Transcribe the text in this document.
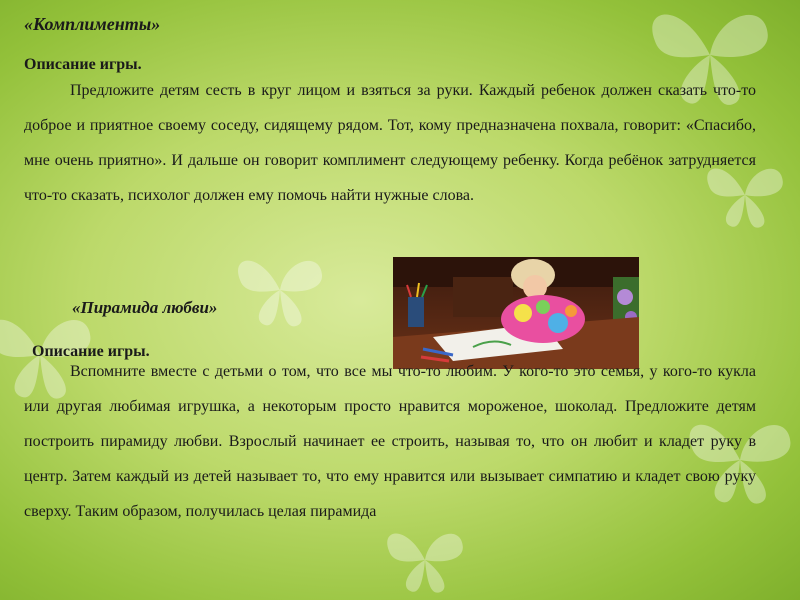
«Комплименты»
Описание игры.
Предложите детям сесть в круг лицом и взяться за руки. Каждый ребенок должен сказать что-то доброе и приятное своему соседу, сидящему рядом. Тот, кому предназначена похвала, говорит: «Спасибо, мне очень приятно». И дальше он говорит комплимент следующему ребенку. Когда ребёнок затрудняется что-то сказать, психолог должен ему помочь найти нужные слова.
«Пирамида любви»
Описание игры.
Вспомните вместе с детьми о том, что все мы что-то любим. У кого-то это семья, у кого-то кукла или другая любимая игрушка, а некоторым просто нравится мороженое, шоколад. Предложите детям построить пирамиду любви. Взрослый начинает ее строить, называя то, что он любит и кладет руку в центр. Затем каждый из детей называет то, что ему нравится или вызывает симпатию и кладет свою руку сверху. Таким образом, получилась целая пирамида
